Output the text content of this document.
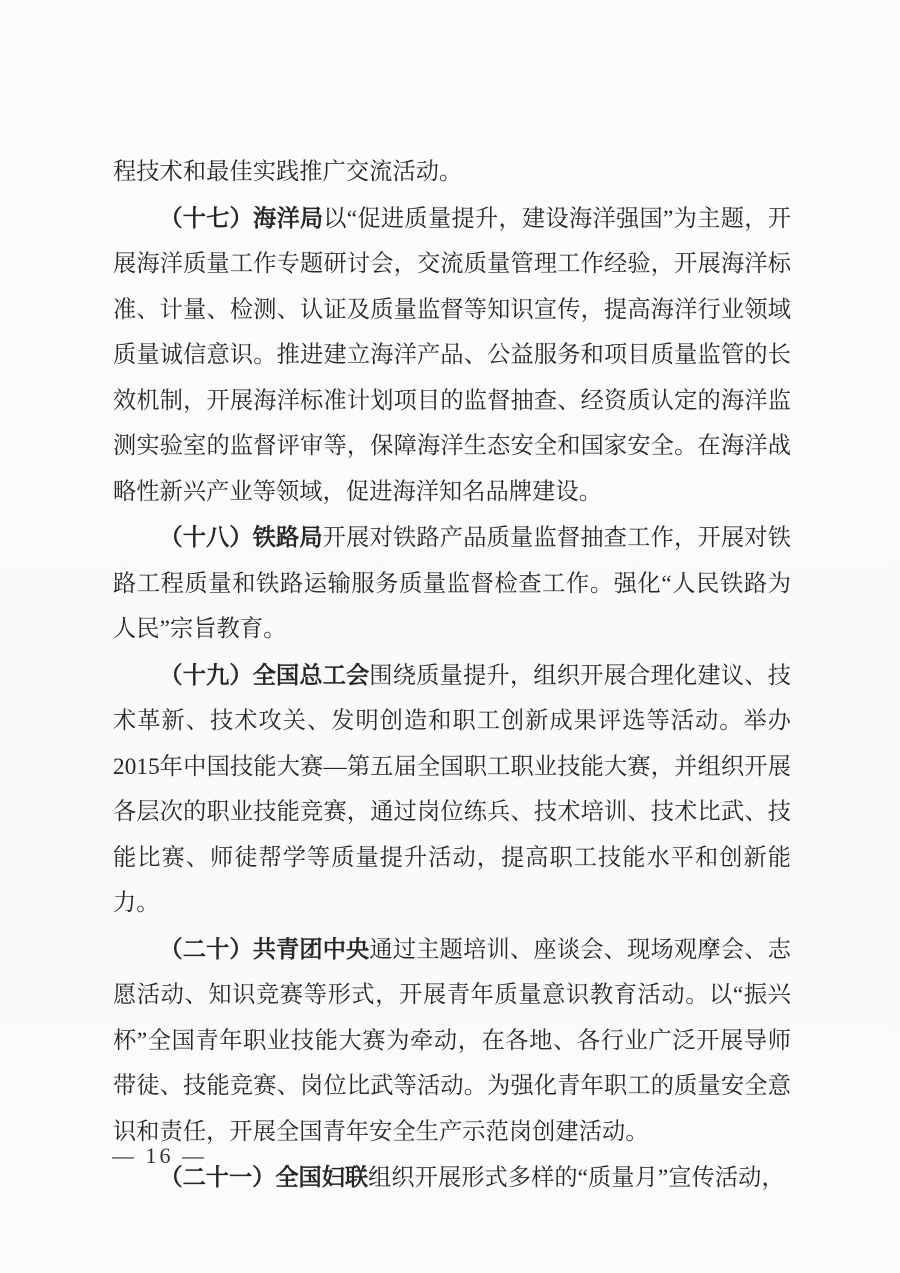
程技术和最佳实践推广交流活动。

（十七）海洋局以“促进质量提升，建设海洋强国”为主题，开展海洋质量工作专题研讨会，交流质量管理工作经验，开展海洋标准、计量、检测、认证及质量监督等知识宣传，提高海洋行业领域质量诚信意识。推进建立海洋产品、公益服务和项目质量监管的长效机制，开展海洋标准计划项目的监督抽查、经资质认定的海洋监测实验室的监督评审等，保障海洋生态安全和国家安全。在海洋战略性新兴产业等领域，促进海洋知名品牌建设。

（十八）铁路局开展对铁路产品质量监督抽查工作，开展对铁路工程质量和铁路运输服务质量监督检查工作。强化“人民铁路为人民”宗旨教育。

（十九）全国总工会围绕质量提升，组织开展合理化建议、技术革新、技术攻关、发明创造和职工创新成果评选等活动。举办2015年中国技能大赛—第五届全国职工职业技能大赛，并组织开展各层次的职业技能竞赛，通过岗位练兵、技术培训、技术比武、技能比赛、师徒帮学等质量提升活动，提高职工技能水平和创新能力。

（二十）共青团中央通过主题培训、座谈会、现场观摩会、志愿活动、知识竞赛等形式，开展青年质量意识教育活动。以“振兴杯”全国青年职业技能大赛为牵动，在各地、各行业广泛开展导师带徒、技能竞赛、岗位比武等活动。为强化青年职工的质量安全意识和责任，开展全国青年安全生产示范岗创建活动。

（二十一）全国妇联组织开展形式多样的“质量月”宣传活动，

— 16 —
